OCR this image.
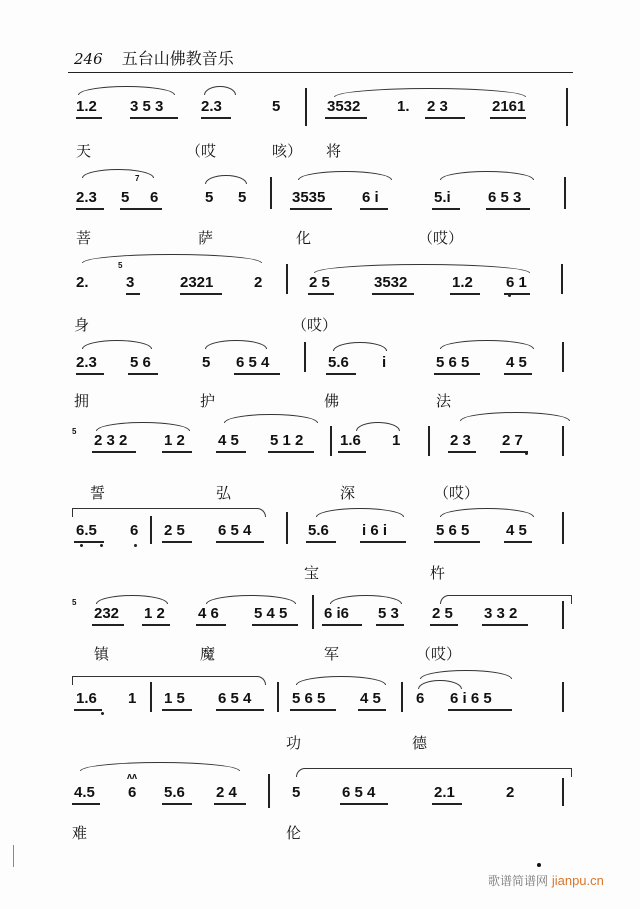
246 五台山佛教音乐
1.2 3 5 3	2.3	5	3532 1. 2 3	2161
天	（哎	咳） 将
2.3 5
7
6	5 5	3535 6 i	5.i 6 5 3
菩	萨	化	（哎）
2.
5
3	2321	2	2 5	3532	1.2 6 1
身	（哎）
2.3 5 6	5 6 5 4	5.6 i	5 6 5 4 5
拥	护	佛	法
5
2 3 2 1 2 4 5 5 1 2 1.6 1	2 3 2 7
誓	弘	深	（哎）
6.5 6 2 5 6 5 4	5.6 i 6 i	5 6 5 4 5
宝	杵
5
232 1 2 4 6 5 4 5 6 i6 5 3 2 5 3 3 2
镇	魔	军	（哎）
1.6 1 1 5 6 5 4	5 6 5 4 5 6 6 i 6 5
功	德
ʌʌ
4.5 6 5.6 2 4	5	6 5 4	2.1	2
难	伦
歌谱简谱网 jianpu.cn
